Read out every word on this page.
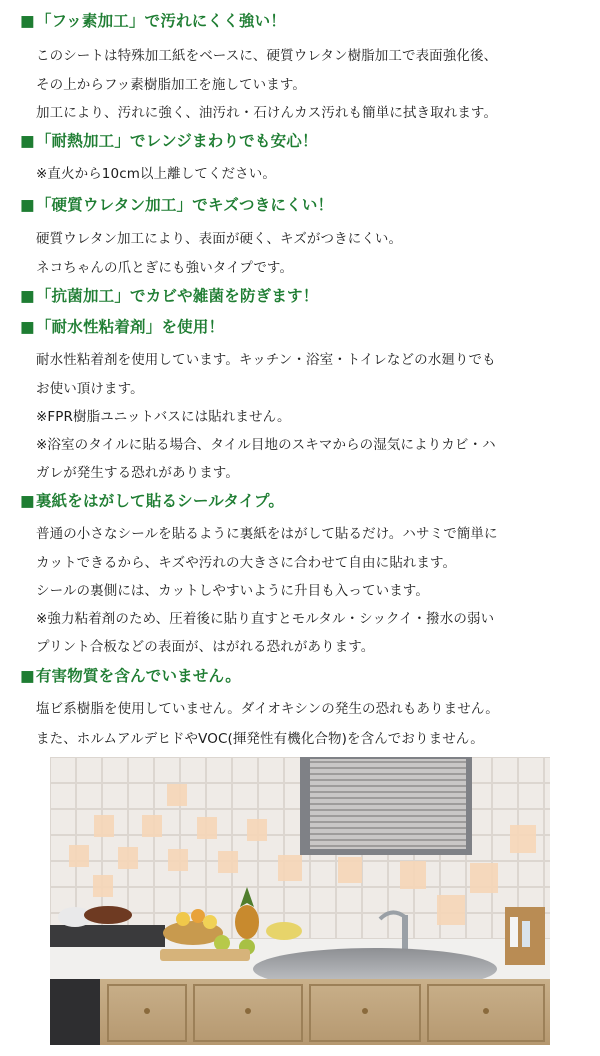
■「フッ素加工」で汚れにくく強い！
このシートは特殊加工紙をベースに、硬質ウレタン樹脂加工で表面強化後、
その上からフッ素樹脂加工を施しています。
加工により、汚れに強く、油汚れ・石けんカス汚れも簡単に拭き取れます。
■「耐熱加工」でレンジまわりでも安心！
※直火から10cm以上離してください。
■「硬質ウレタン加工」でキズつきにくい！
硬質ウレタン加工により、表面が硬く、キズがつきにくい。
ネコちゃんの爪とぎにも強いタイプです。
■「抗菌加工」でカビや雑菌を防ぎます！
■「耐水性粘着剤」を使用！
耐水性粘着剤を使用しています。キッチン・浴室・トイレなどの水廻りでも
お使い頂けます。
※FPR樹脂ユニットバスには貼れません。
※浴室のタイルに貼る場合、タイル目地のスキマからの湿気によりカビ・ハ
ガレが発生する恐れがあります。
■裏紙をはがして貼るシールタイプ。
普通の小さなシールを貼るように裏紙をはがして貼るだけ。ハサミで簡単に
カットできるから、キズや汚れの大きさに合わせて自由に貼れます。
シールの裏側には、カットしやすいように升目も入っています。
※強力粘着剤のため、圧着後に貼り直すとモルタル・シックイ・撥水の弱い
プリント合板などの表面が、はがれる恐れがあります。
■有害物質を含んでいません。
塩ビ系樹脂を使用していません。ダイオキシンの発生の恐れもありません。
また、ホルムアルデヒドやVOC(揮発性有機化合物)を含んでおりません。
